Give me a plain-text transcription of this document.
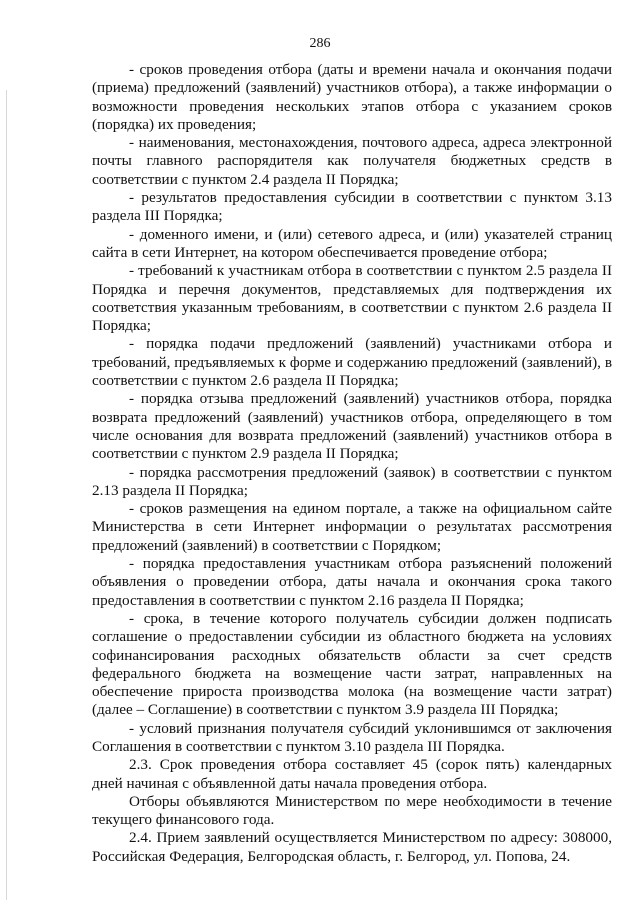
286

- сроков проведения отбора (даты и времени начала и окончания подачи (приема) предложений (заявлений) участников отбора), а также информации о возможности проведения нескольких этапов отбора с указанием сроков (порядка) их проведения;

- наименования, местонахождения, почтового адреса, адреса электронной почты главного распорядителя как получателя бюджетных средств в соответствии с пунктом 2.4 раздела II Порядка;

- результатов предоставления субсидии в соответствии с пунктом 3.13 раздела III Порядка;

- доменного имени, и (или) сетевого адреса, и (или) указателей страниц сайта в сети Интернет, на котором обеспечивается проведение отбора;

- требований к участникам отбора в соответствии с пунктом 2.5 раздела II Порядка и перечня документов, представляемых для подтверждения их соответствия указанным требованиям, в соответствии с пунктом 2.6 раздела II Порядка;

- порядка подачи предложений (заявлений) участниками отбора и требований, предъявляемых к форме и содержанию предложений (заявлений), в соответствии с пунктом 2.6 раздела II Порядка;

- порядка отзыва предложений (заявлений) участников отбора, порядка возврата предложений (заявлений) участников отбора, определяющего в том числе основания для возврата предложений (заявлений) участников отбора в соответствии с пунктом 2.9 раздела II Порядка;

- порядка рассмотрения предложений (заявок) в соответствии с пунктом 2.13 раздела II Порядка;

- сроков размещения на едином портале, а также на официальном сайте Министерства в сети Интернет информации о результатах рассмотрения предложений (заявлений) в соответствии с Порядком;

- порядка предоставления участникам отбора разъяснений положений объявления о проведении отбора, даты начала и окончания срока такого предоставления в соответствии с пунктом 2.16 раздела II Порядка;

- срока, в течение которого получатель субсидии должен подписать соглашение о предоставлении субсидии из областного бюджета на условиях софинансирования расходных обязательств области за счет средств федерального бюджета на возмещение части затрат, направленных на обеспечение прироста производства молока (на возмещение части затрат) (далее – Соглашение) в соответствии с пунктом 3.9 раздела III Порядка;

- условий признания получателя субсидий уклонившимся от заключения Соглашения в соответствии с пунктом 3.10 раздела III Порядка.

2.3. Срок проведения отбора составляет 45 (сорок пять) календарных дней начиная с объявленной даты начала проведения отбора.

Отборы объявляются Министерством по мере необходимости в течение текущего финансового года.

2.4. Прием заявлений осуществляется Министерством по адресу: 308000, Российская Федерация, Белгородская область, г. Белгород, ул. Попова, 24.
